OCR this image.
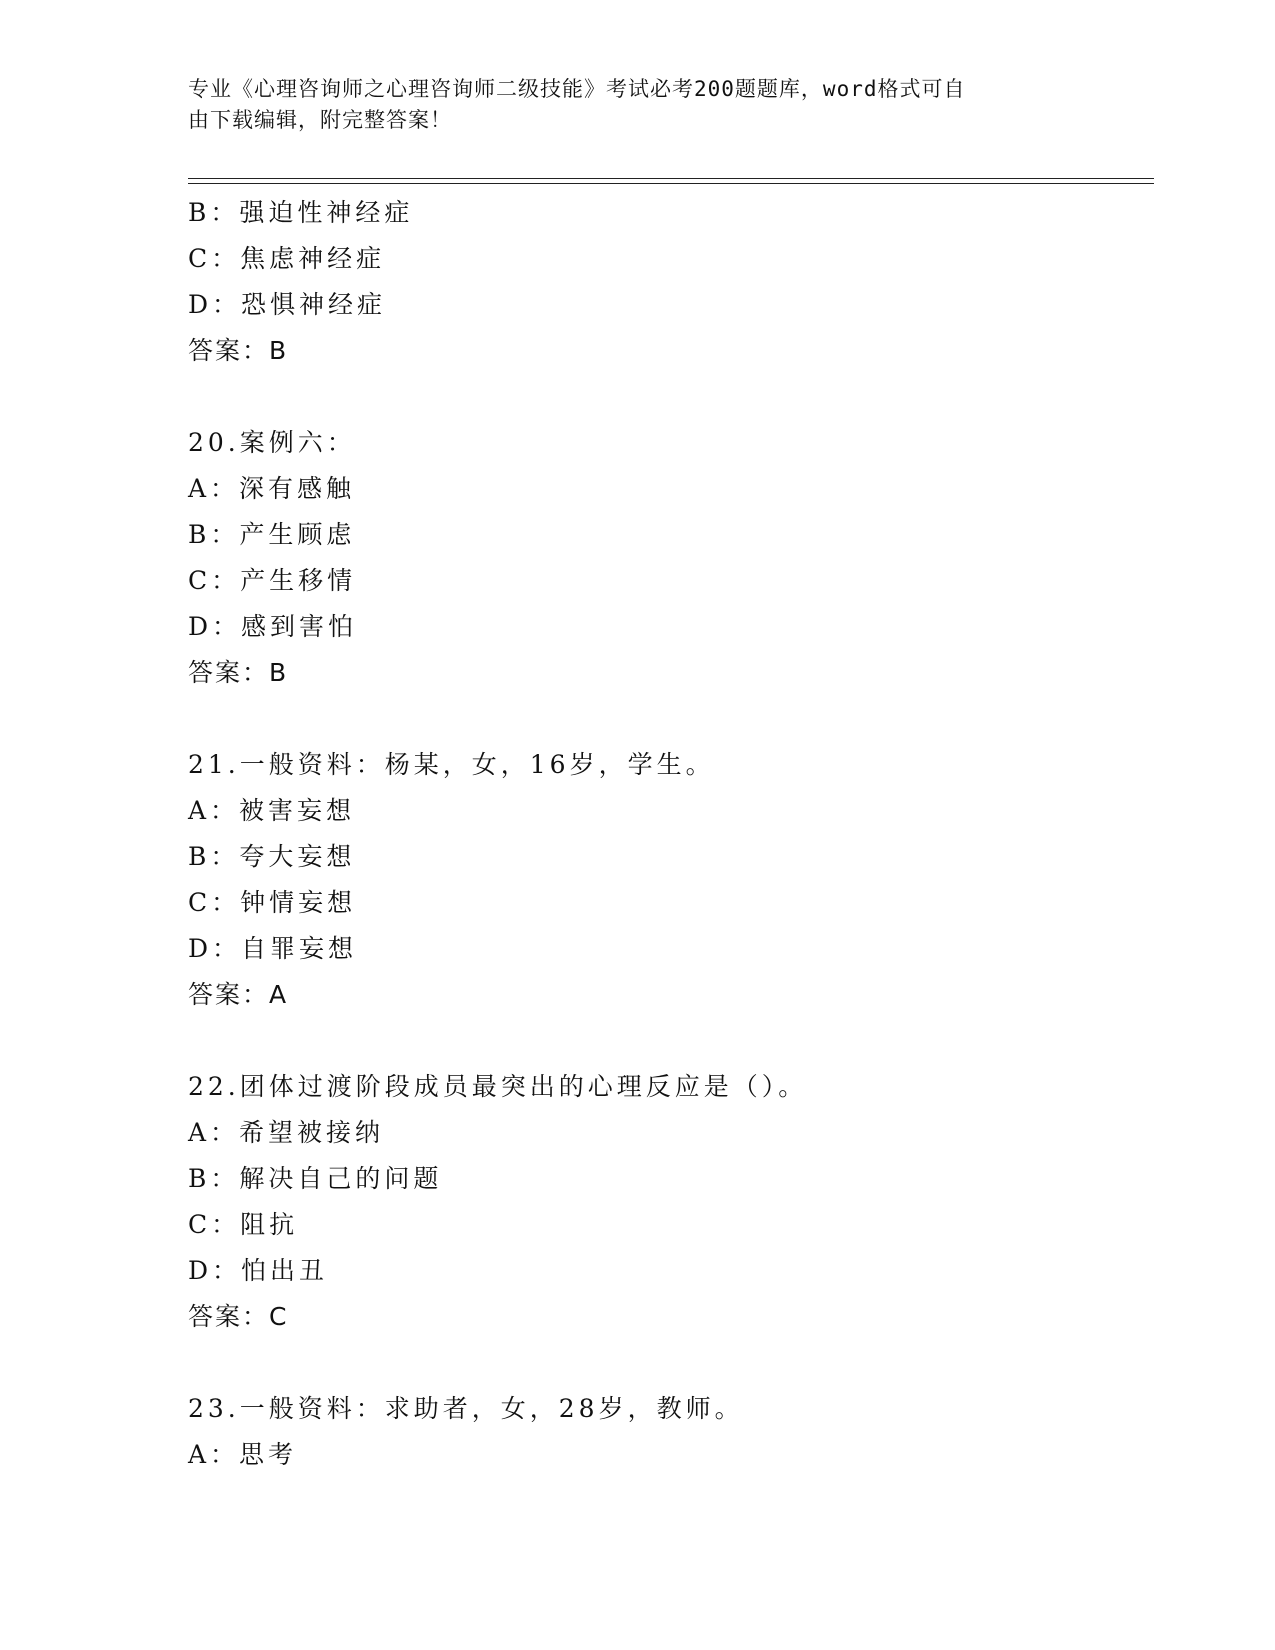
专业《心理咨询师之心理咨询师二级技能》考试必考200题题库，word格式可自
由下载编辑，附完整答案！
B：强迫性神经症
C：焦虑神经症
D：恐惧神经症
答案：B
20.案例六：
A：深有感触
B：产生顾虑
C：产生移情
D：感到害怕
答案：B
21.一般资料：杨某，女，16岁，学生。
A：被害妄想
B：夸大妄想
C：钟情妄想
D：自罪妄想
答案：A
22.团体过渡阶段成员最突出的心理反应是（）。
A：希望被接纳
B：解决自己的问题
C：阻抗
D：怕出丑
答案：C
23.一般资料：求助者，女，28岁，教师。
A：思考
